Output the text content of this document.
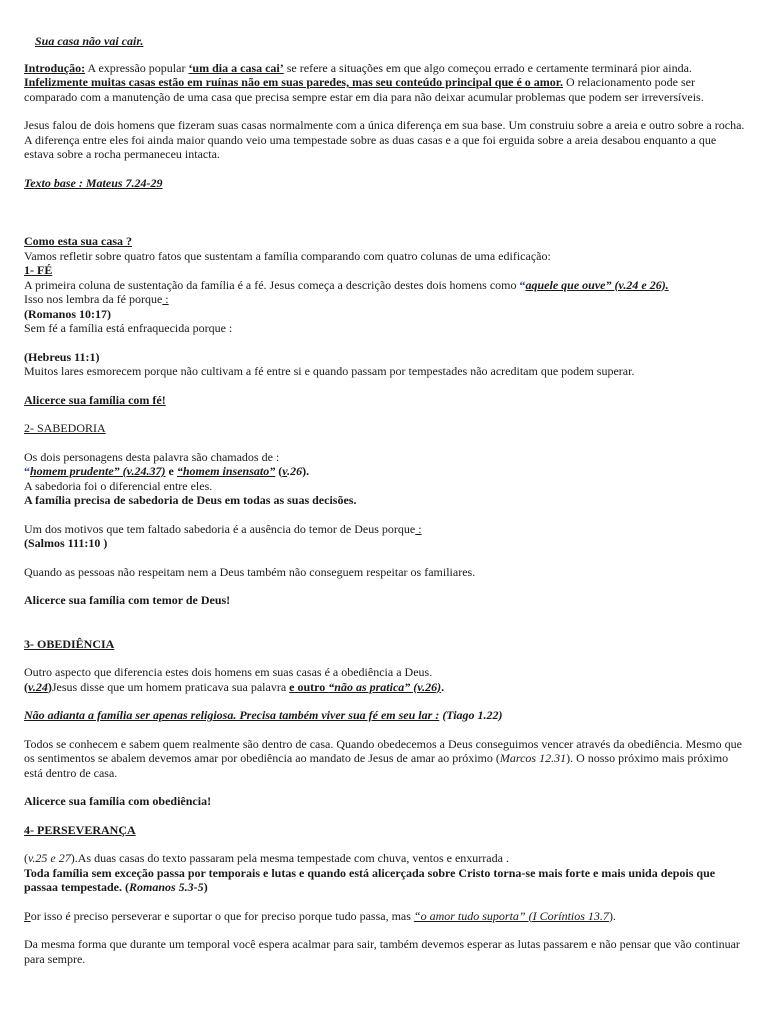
Sua casa não vai cair.

Introdução: A expressão popular ‘um dia a casa cai’ se refere a situações em que algo começou errado e certamente terminará pior ainda.
Infelizmente muitas casas estão em ruínas não em suas paredes, mas seu conteúdo principal que é o amor. O relacionamento pode ser comparado com a manutenção de uma casa que precisa sempre estar em dia para não deixar acumular problemas que podem ser irreversíveis.

Jesus falou de dois homens que fizeram suas casas normalmente com a única diferença em sua base. Um construiu sobre a areia e outro sobre a rocha. A diferença entre eles foi ainda maior quando veio uma tempestade sobre as duas casas e a que foi erguida sobre a areia desabou enquanto a que estava sobre a rocha permaneceu intacta.

Texto base : Mateus 7.24-29

Como esta sua casa ?

Vamos refletir sobre quatro fatos que sustentam a família comparando com quatro colunas de uma edificação:

1- FÉ

A primeira coluna de sustentação da família é a fé. Jesus começa a descrição destes dois homens como “aquele que ouve” (v.24 e 26).
Isso nos lembra da fé porque :

(Romanos 10:17)

Sem fé a família está enfraquecida porque :

(Hebreus 11:1)

Muitos lares esmorecem porque não cultivam a fé entre si e quando passam por tempestades não acreditam que podem superar.

Alicerce sua família com fé!

2- SABEDORIA

Os dois personagens desta palavra são chamados de :

“homem prudente” (v.24.37) e “homem insensato” (v.26).

A sabedoria foi o diferencial entre eles.

A família precisa de sabedoria de Deus em todas as suas decisões.

Um dos motivos que tem faltado sabedoria é a ausência do temor de Deus porque :

(Salmos 111:10 )

Quando as pessoas não respeitam nem a Deus também não conseguem respeitar os familiares.

Alicerce sua família com temor de Deus!

3- OBEDIÊNCIA

Outro aspecto que diferencia estes dois homens em suas casas é a obediência a Deus.

(v.24)Jesus disse que um homem praticava sua palavra e outro “não as pratica” (v.26).

Não adianta a família ser apenas religiosa. Precisa também viver sua fé em seu lar : (Tiago 1.22)

Todos se conhecem e sabem quem realmente são dentro de casa. Quando obedecemos a Deus conseguimos vencer através da obediência. Mesmo que os sentimentos se abalem devemos amar por obediência ao mandato de Jesus de amar ao próximo (Marcos 12.31). O nosso próximo mais próximo está dentro de casa.

Alicerce sua família com obediência!

4- PERSEVERANÇA

(v.25 e 27).As duas casas do texto passaram pela mesma tempestade com chuva, ventos e enxurrada .

Toda família sem exceção passa por temporais e lutas e quando está alicerçada sobre Cristo torna-se mais forte e mais unida depois que passaa tempestade. (Romanos 5.3-5)

Por isso é preciso perseverar e suportar o que for preciso porque tudo passa, mas “o amor tudo suporta” (I Coríntios 13.7).

Da mesma forma que durante um temporal você espera acalmar para sair, também devemos esperar as lutas passarem e não pensar que vão continuar para sempre.
